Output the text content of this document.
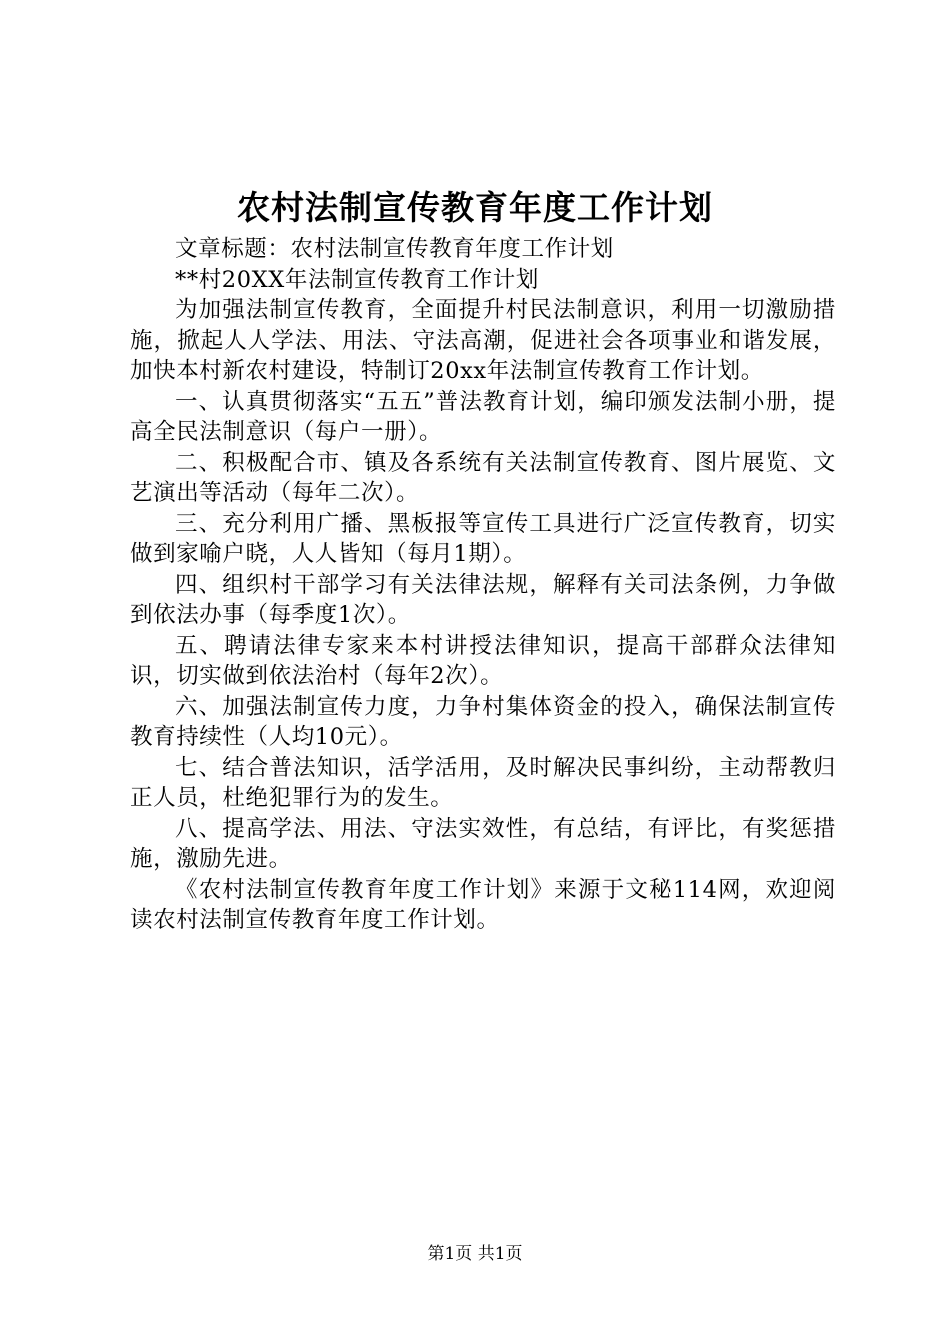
农村法制宣传教育年度工作计划

文章标题：农村法制宣传教育年度工作计划

**村20XX年法制宣传教育工作计划

为加强法制宣传教育，全面提升村民法制意识，利用一切激励措施，掀起人人学法、用法、守法高潮，促进社会各项事业和谐发展，加快本村新农村建设，特制订20xx年法制宣传教育工作计划。

一、认真贯彻落实“五五”普法教育计划，编印颁发法制小册，提高全民法制意识（每户一册）。

二、积极配合市、镇及各系统有关法制宣传教育、图片展览、文艺演出等活动（每年二次）。

三、充分利用广播、黑板报等宣传工具进行广泛宣传教育，切实做到家喻户晓，人人皆知（每月1期）。

四、组织村干部学习有关法律法规，解释有关司法条例，力争做到依法办事（每季度1次）。

五、聘请法律专家来本村讲授法律知识，提高干部群众法律知识，切实做到依法治村（每年2次）。

六、加强法制宣传力度，力争村集体资金的投入，确保法制宣传教育持续性（人均10元）。

七、结合普法知识，活学活用，及时解决民事纠纷，主动帮教归正人员，杜绝犯罪行为的发生。

八、提高学法、用法、守法实效性，有总结，有评比，有奖惩措施，激励先进。

《农村法制宣传教育年度工作计划》来源于文秘114网，欢迎阅读农村法制宣传教育年度工作计划。

第1页 共1页
